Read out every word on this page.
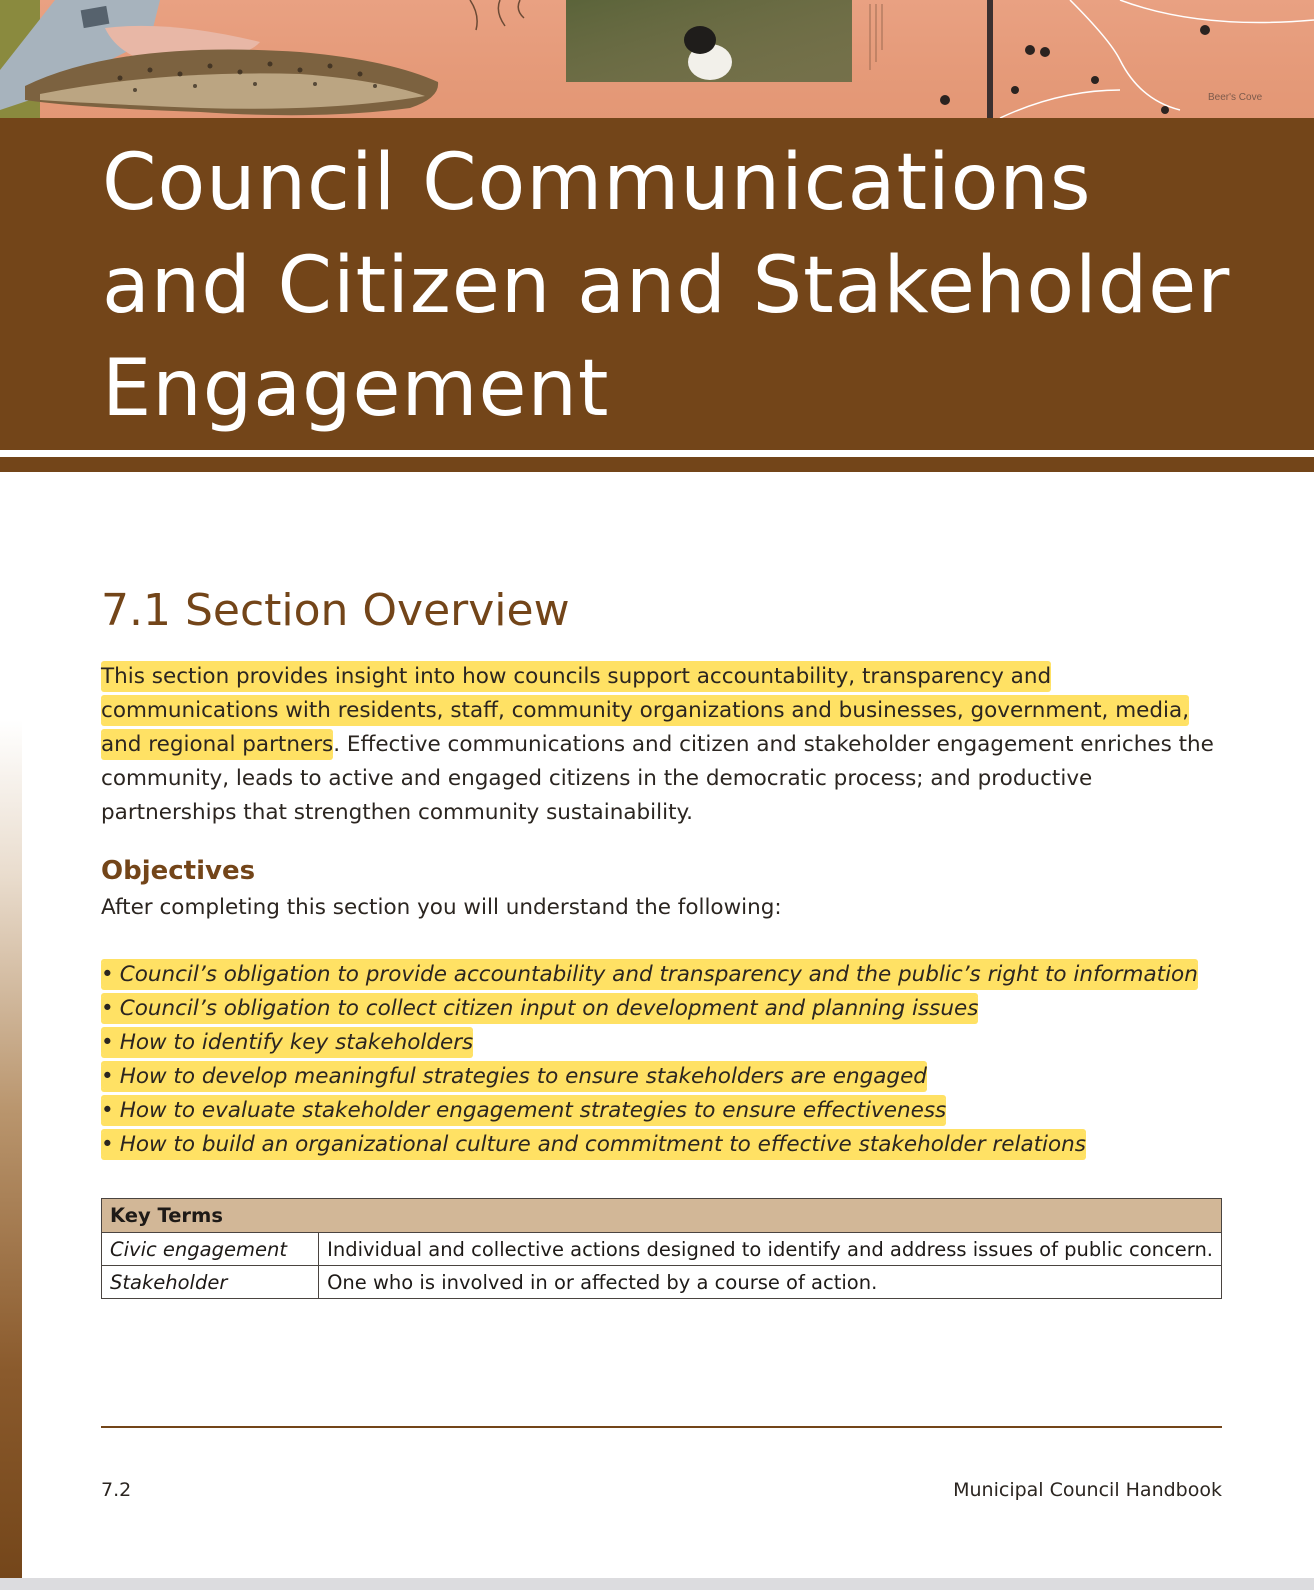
Beer's Cove
Council Communications
and Citizen and Stakeholder
Engagement
7.1 Section Overview

This section provides insight into how councils support accountability, transparency and communications with residents, staff, community organizations and businesses, government, media, and regional partners. Effective communications and citizen and stakeholder engagement enriches the community, leads to active and engaged citizens in the democratic process; and productive partnerships that strengthen community sustainability.

Objectives

After completing this section you will understand the following:

• Council’s obligation to provide accountability and transparency and the public’s right to information
• Council’s obligation to collect citizen input on development and planning issues
• How to identify key stakeholders
• How to develop meaningful strategies to ensure stakeholders are engaged
• How to evaluate stakeholder engagement strategies to ensure effectiveness
• How to build an organizational culture and commitment to effective stakeholder relations
Key Terms	
Civic engagement	Individual and collective actions designed to identify and address issues of public concern.
Stakeholder	One who is involved in or affected by a course of action.
7.2	Municipal Council Handbook
